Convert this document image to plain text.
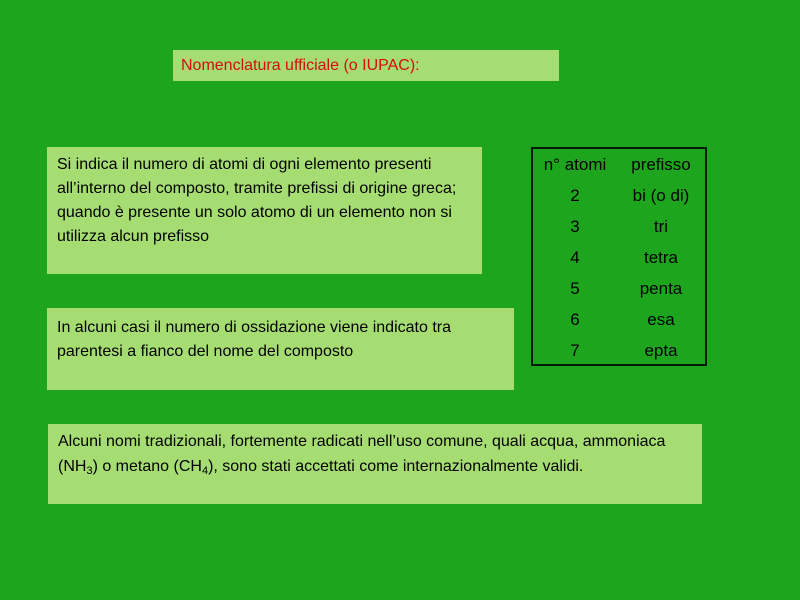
Nomenclatura ufficiale (o IUPAC):
Si indica il numero di atomi di ogni elemento presenti all’interno del composto, tramite prefissi di origine greca; quando è presente un solo atomo di un elemento non si utilizza alcun prefisso
In alcuni casi il numero di ossidazione viene indicato tra parentesi a fianco del nome del composto
n° atomi	prefisso
2	bi (o di)
3	tri
4	tetra
5	penta
6	esa
7	epta
Alcuni nomi tradizionali, fortemente radicati nell’uso comune, quali acqua, ammoniaca $(NH_3)$ o metano $(CH_4)$, sono stati accettati come internazionalmente validi.
